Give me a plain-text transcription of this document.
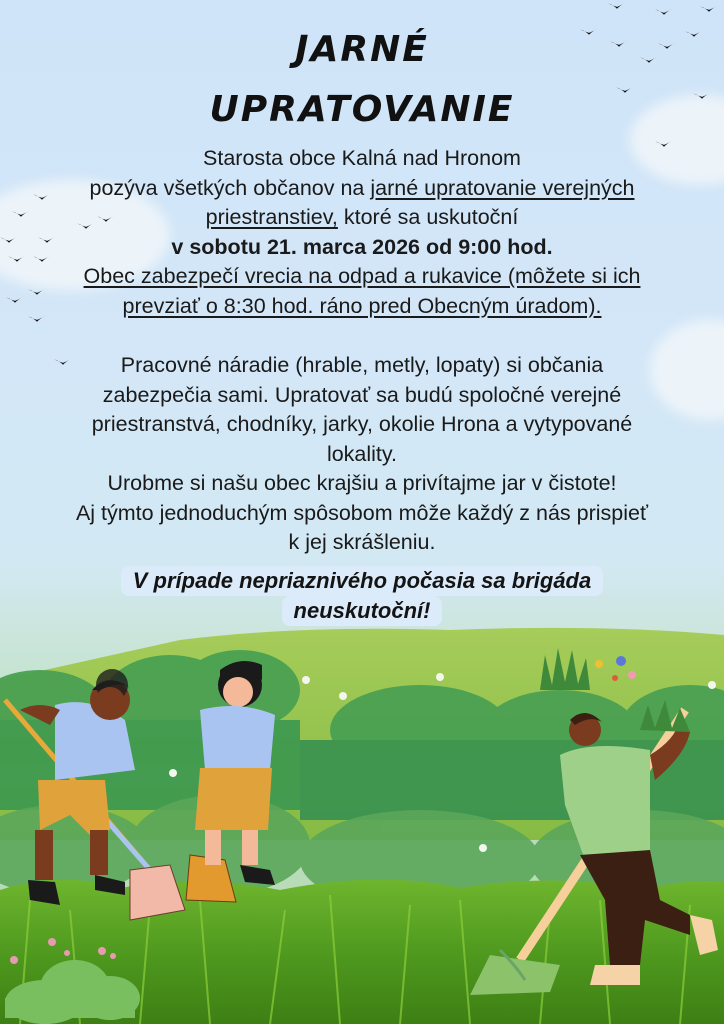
JARNÉ
UPRATOVANIE
Starosta obce Kalná nad Hronom
pozýva všetkých občanov na jarné upratovanie verejných
priestranstiev, ktoré sa uskutoční
v sobotu 21. marca 2026 od 9:00 hod.
Obec zabezpečí vrecia na odpad a rukavice (môžete si ich
prevziať o 8:30 hod. ráno pred Obecným úradom).
Pracovné náradie (hrable, metly, lopaty) si občania
zabezpečia sami. Upratovať sa budú spoločné verejné
priestranstvá, chodníky, jarky, okolie Hrona a vytypované
lokality.
Urobme si našu obec krajšiu a privítajme jar v čistote!
Aj týmto jednoduchým spôsobom môže každý z nás prispieť
k jej skrášleniu.
V prípade nepriaznivého počasia sa brigáda
neuskutoční!
